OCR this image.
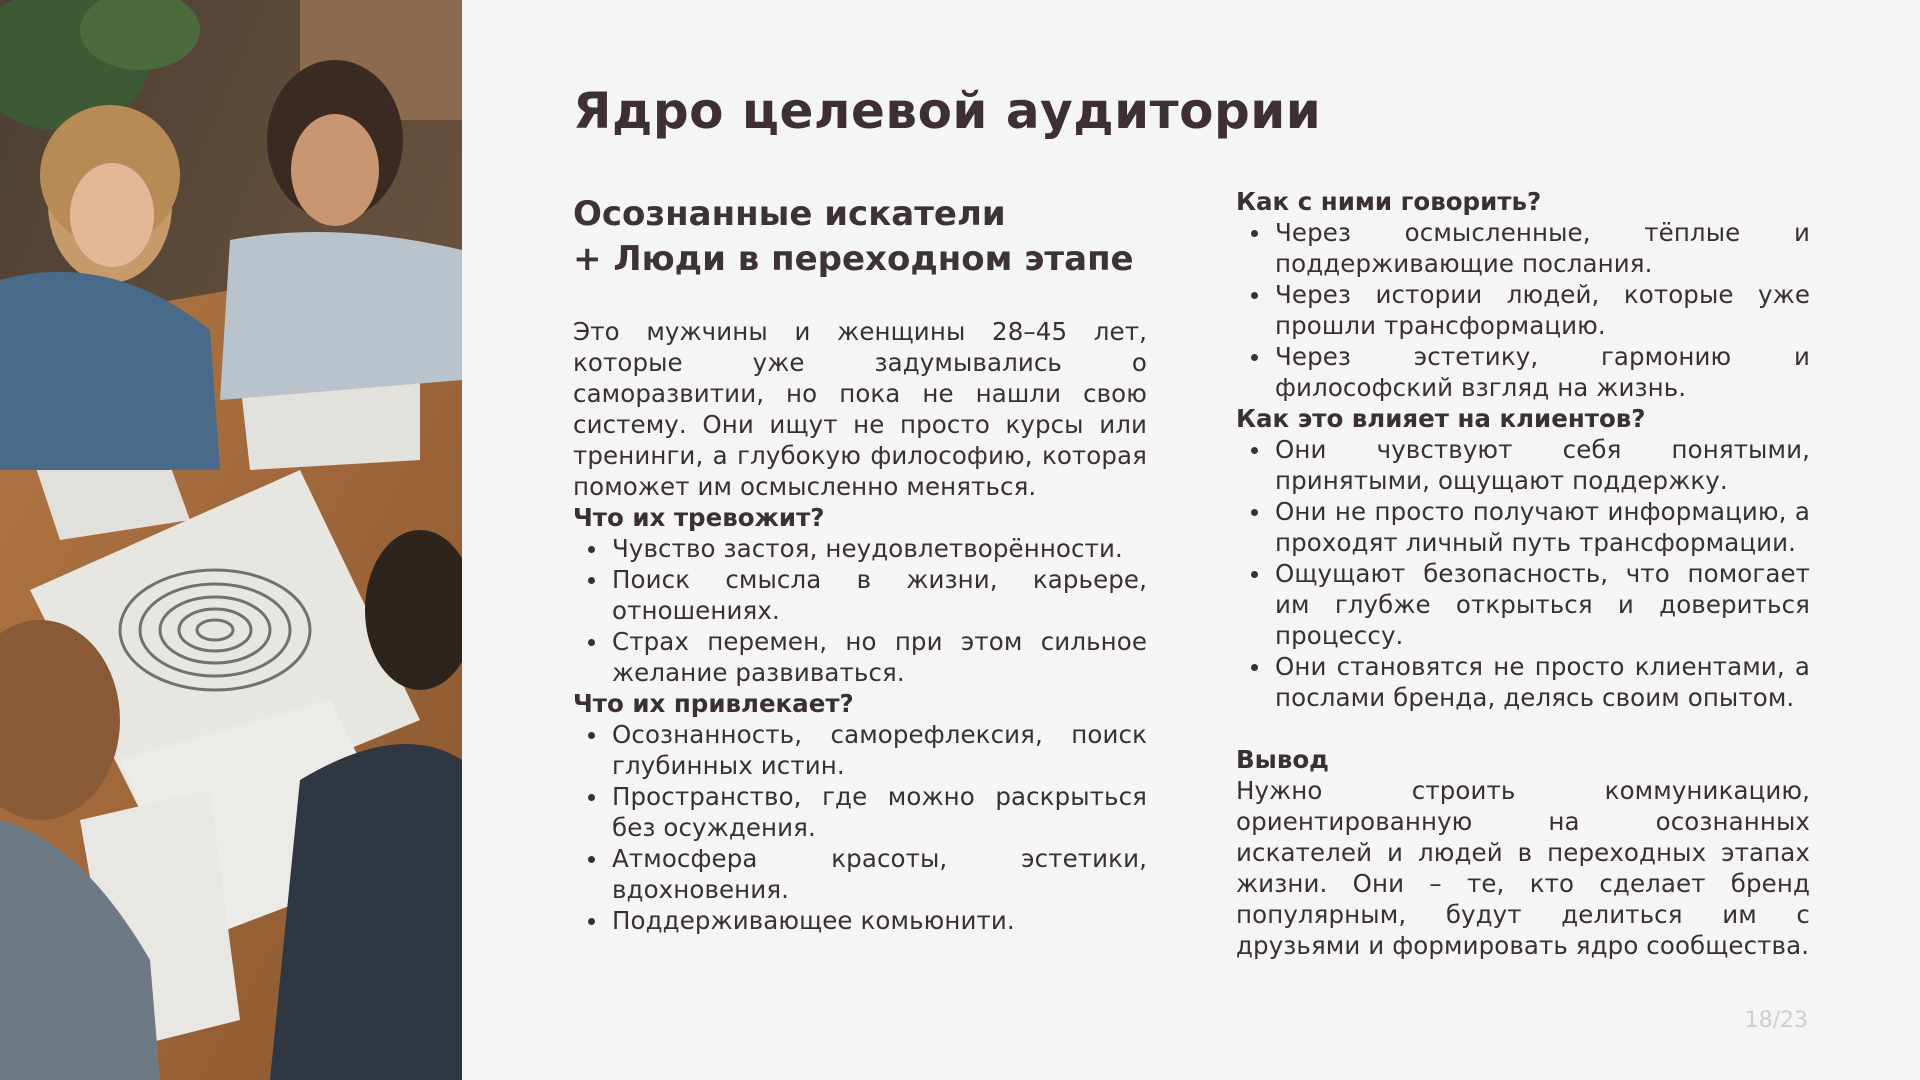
Ядро целевой аудитории
Осознанные искатели
+ Люди в переходном этапе

Это мужчины и женщины 28–45 лет, которые уже задумывались о саморазвитии, но пока не нашли свою систему. Они ищут не просто курсы или тренинги, а глубокую философию, которая поможет им осмысленно меняться.

Что их тревожит?
Чувство застоя, неудовлетворённости.
Поиск смысла в жизни, карьере, отношениях.
Страх перемен, но при этом сильное желание развиваться.
Что их привлекает?
Осознанность, саморефлексия, поиск глубинных истин.
Пространство, где можно раскрыться без осуждения.
Атмосфера красоты, эстетики, вдохновения.
Поддерживающее комьюнити.
Как с ними говорить?
Через осмысленные, тёплые и поддерживающие послания.
Через истории людей, которые уже прошли трансформацию.
Через эстетику, гармонию и философский взгляд на жизнь.
Как это влияет на клиентов?
Они чувствуют себя понятыми, принятыми, ощущают поддержку.
Они не просто получают информацию, а проходят личный путь трансформации.
Ощущают безопасность, что помогает им глубже открыться и довериться процессу.
Они становятся не просто клиентами, а послами бренда, делясь своим опытом.
Вывод

Нужно строить коммуникацию, ориентированную на осознанных искателей и людей в переходных этапах жизни. Они – те, кто сделает бренд популярным, будут делиться им с друзьями и формировать ядро сообщества.

18/23
